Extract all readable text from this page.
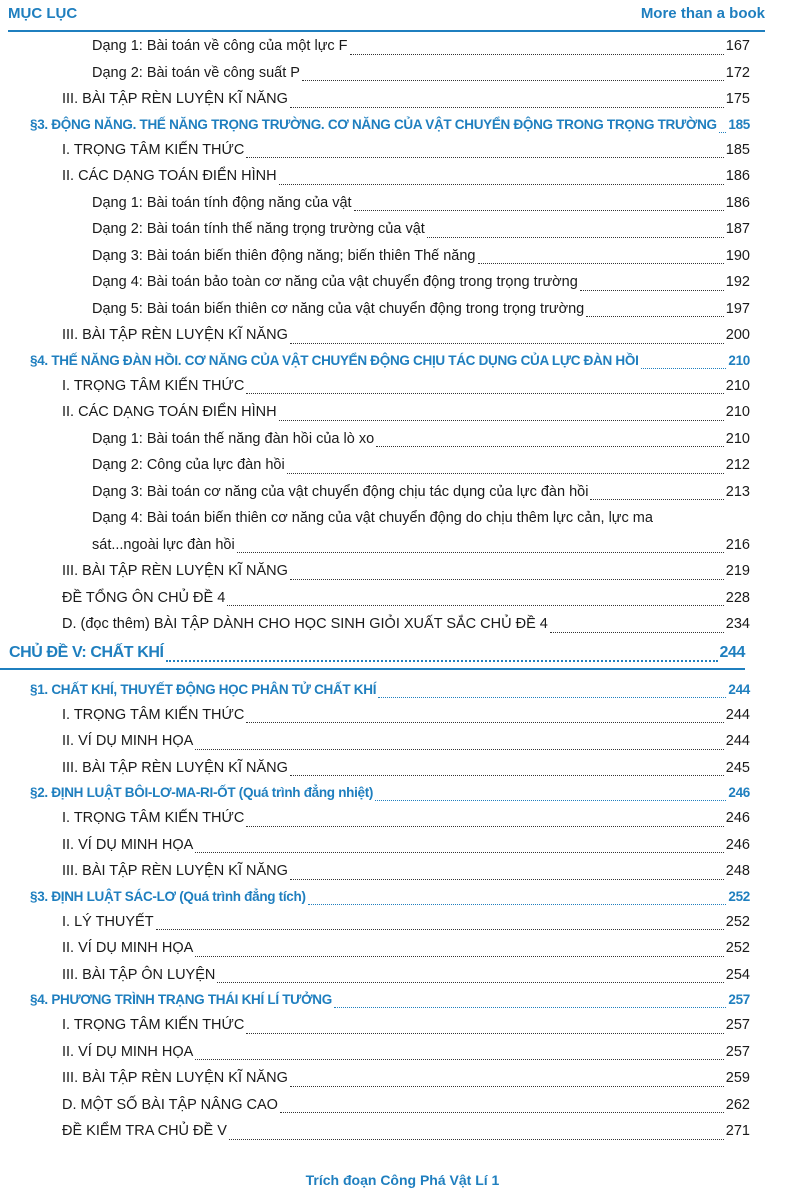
MỤC LỤC	More than a book
Dạng 1: Bài toán về công của một lực F	167
Dạng 2: Bài toán về công suất P	172
III. BÀI TẬP RÈN LUYỆN KĨ NĂNG	175
§3. ĐỘNG NĂNG. THẾ NĂNG TRỌNG TRƯỜNG. CƠ NĂNG CỦA VẬT CHUYỂN ĐỘNG TRONG TRỌNG TRƯỜNG 185
I. TRỌNG TÂM KIẾN THỨC	185
II. CÁC DẠNG TOÁN ĐIỂN HÌNH	186
Dạng 1: Bài toán tính động năng của vật	186
Dạng 2: Bài toán tính thế năng trọng trường của vật	187
Dạng 3: Bài toán biến thiên động năng; biến thiên Thế năng	190
Dạng 4: Bài toán bảo toàn cơ năng của vật chuyển động trong trọng trường	192
Dạng 5: Bài toán biến thiên cơ năng của vật chuyển động trong trọng trường	197
III. BÀI TẬP RÈN LUYỆN KĨ NĂNG	200
§4. THẾ NĂNG ĐÀN HỒI. CƠ NĂNG CỦA VẬT CHUYỂN ĐỘNG CHỊU TÁC DỤNG CỦA LỰC ĐÀN HỒI	210
I. TRỌNG TÂM KIẾN THỨC	210
II. CÁC DẠNG TOÁN ĐIỂN HÌNH	210
Dạng 1: Bài toán thế năng đàn hồi của lò xo	210
Dạng 2: Công của lực đàn hồi	212
Dạng 3: Bài toán cơ năng của vật chuyển động chịu tác dụng của lực đàn hồi	213
Dạng 4: Bài toán biến thiên cơ năng của vật chuyển động do chịu thêm lực cản, lực ma
sát...ngoài lực đàn hồi	216
III. BÀI TẬP RÈN LUYỆN KĨ NĂNG	219
ĐỀ TỔNG ÔN CHỦ ĐỀ 4	228
D. (đọc thêm) BÀI TẬP DÀNH CHO HỌC SINH GIỎI XUẤT SẮC CHỦ ĐỀ 4	234
CHỦ ĐỀ V: CHẤT KHÍ	244
§1. CHẤT KHÍ, THUYẾT ĐỘNG HỌC PHÂN TỬ CHẤT KHÍ	244
I. TRỌNG TÂM KIẾN THỨC	244
II. VÍ DỤ MINH HỌA	244
III. BÀI TẬP RÈN LUYỆN KĨ NĂNG	245
§2. ĐỊNH LUẬT BÔI-LƠ-MA-RI-ỐT (Quá trình đẳng nhiệt)	246
I. TRỌNG TÂM KIẾN THỨC	246
II. VÍ DỤ MINH HỌA	246
III. BÀI TẬP RÈN LUYỆN KĨ NĂNG	248
§3. ĐỊNH LUẬT SÁC-LƠ (Quá trình đẳng tích)	252
I. LÝ THUYẾT	252
II. VÍ DỤ MINH HỌA	252
III. BÀI TẬP ÔN LUYỆN	254
§4. PHƯƠNG TRÌNH TRẠNG THÁI KHÍ LÍ TƯỞNG	257
I. TRỌNG TÂM KIẾN THỨC	257
II. VÍ DỤ MINH HỌA	257
III. BÀI TẬP RÈN LUYỆN KĨ NĂNG	259
D. MỘT SỐ BÀI TẬP NÂNG CAO	262
ĐỀ KIỂM TRA CHỦ ĐỀ V	271
Trích đoạn Công Phá Vật Lí 1
